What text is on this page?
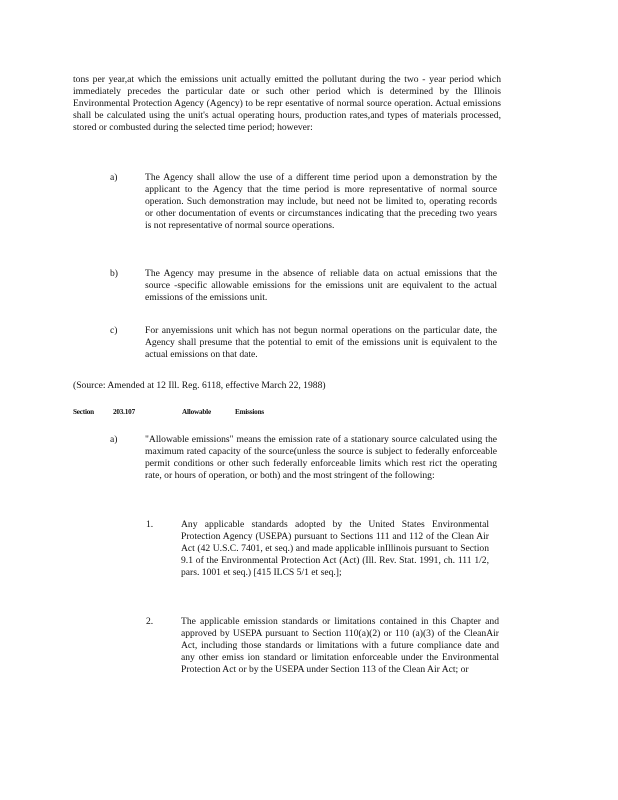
tons per year,at which the emissions unit actually emitted the pollutant during the two - year period which immediately precedes the particular date or such other period which is determined by the Illinois Environmental Protection Agency (Agency) to be repr esentative of normal source operation. Actual emissions shall be calculated using the unit's actual operating hours, production rates,and types of materials processed, stored or combusted during the selected time period; however:
a)	The Agency shall allow the use of a different time period upon a demonstration by the applicant to the Agency that the time period is more representative of normal source operation. Such demonstration may include, but need not be limited to, operating records or other documentation of events or circumstances indicating that the preceding two years is not representative of normal source operations.
b)	The Agency may presume in the absence of reliable data on actual emissions that the source -specific allowable emissions for the emissions unit are equivalent to the actual emissions of the emissions unit.
c)	For anyemissions unit which has not begun normal operations on the particular date, the Agency shall presume that the potential to emit of the emissions unit is equivalent to the actual emissions on that date.
(Source: Amended at 12 Ill. Reg. 6118, effective March 22, 1988)
Section	203.107	Allowable	Emissions
a)	"Allowable emissions" means the emission rate of a stationary source calculated using the maximum rated capacity of the source(unless the source is subject to federally enforceable permit conditions or other such federally enforceable limits which rest rict the operating rate, or hours of operation, or both) and the most stringent of the following:
1.	Any applicable standards adopted by the United States Environmental Protection Agency (USEPA) pursuant to Sections 111 and 112 of the Clean Air Act (42 U.S.C. 7401, et seq.) and made applicable inIllinois pursuant to Section 9.1 of the Environmental Protection Act (Act) (Ill. Rev. Stat. 1991, ch. 111 1/2, pars. 1001 et seq.) [415 ILCS 5/1 et seq.];
2.	The applicable emission standards or limitations contained in this Chapter and approved by USEPA pursuant to Section 110(a)(2) or 110 (a)(3) of the CleanAir Act, including those standards or limitations with a future compliance date and any other emiss ion standard or limitation enforceable under the Environmental Protection Act or by the USEPA under Section 113 of the Clean Air Act; or
